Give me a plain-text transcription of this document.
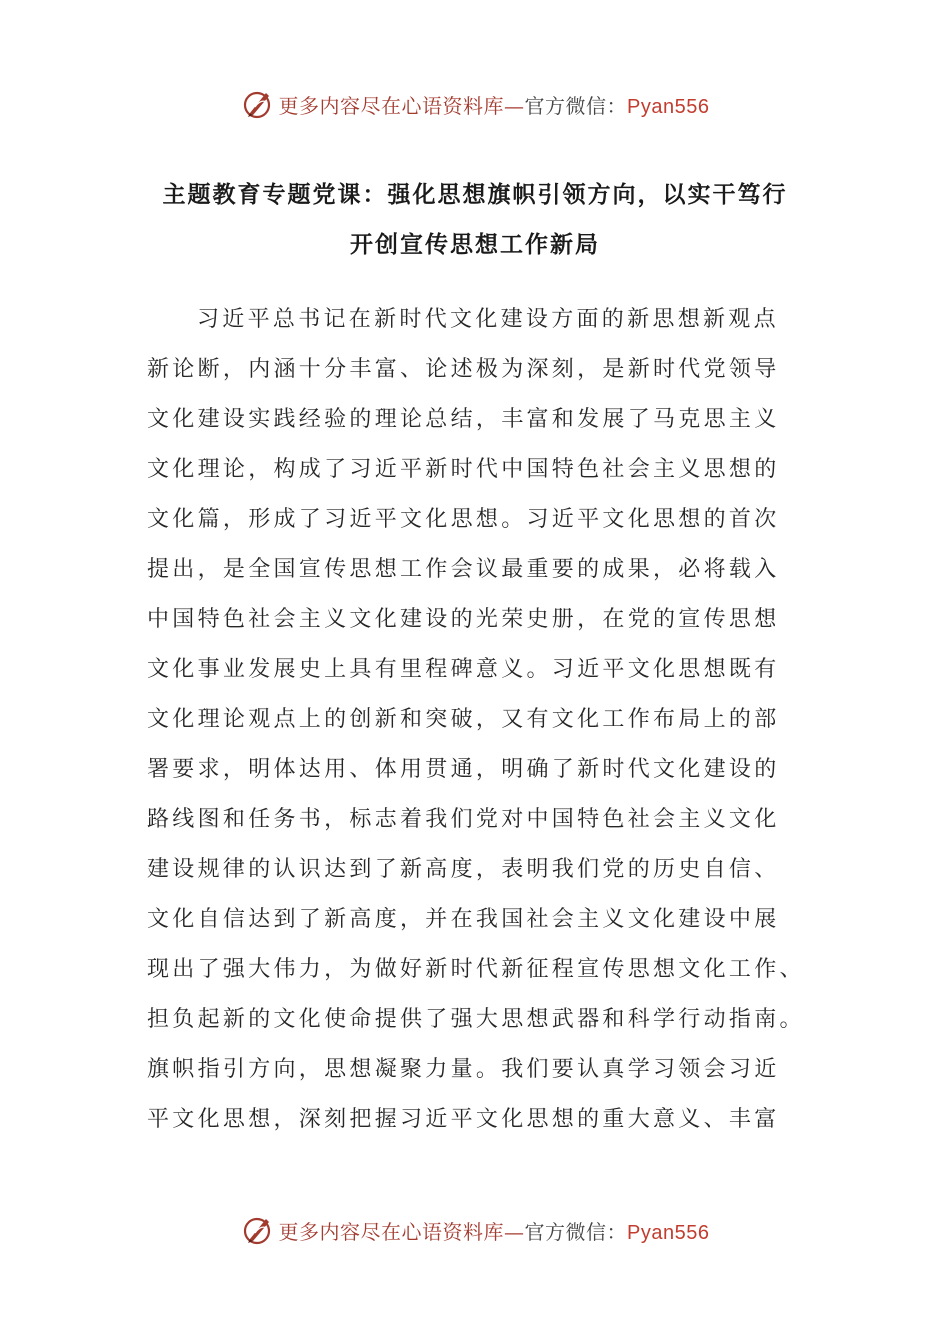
更多内容尽在心语资料库—官方微信：Pyan556
主题教育专题党课：强化思想旗帜引领方向，以实干笃行
开创宣传思想工作新局
习近平总书记在新时代文化建设方面的新思想新观点
新论断，内涵十分丰富、论述极为深刻，是新时代党领导
文化建设实践经验的理论总结，丰富和发展了马克思主义
文化理论，构成了习近平新时代中国特色社会主义思想的
文化篇，形成了习近平文化思想。习近平文化思想的首次
提出，是全国宣传思想工作会议最重要的成果，必将载入
中国特色社会主义文化建设的光荣史册，在党的宣传思想
文化事业发展史上具有里程碑意义。习近平文化思想既有
文化理论观点上的创新和突破，又有文化工作布局上的部
署要求，明体达用、体用贯通，明确了新时代文化建设的
路线图和任务书，标志着我们党对中国特色社会主义文化
建设规律的认识达到了新高度，表明我们党的历史自信、
文化自信达到了新高度，并在我国社会主义文化建设中展
现出了强大伟力，为做好新时代新征程宣传思想文化工作、
担负起新的文化使命提供了强大思想武器和科学行动指南。
旗帜指引方向，思想凝聚力量。我们要认真学习领会习近
平文化思想，深刻把握习近平文化思想的重大意义、丰富
更多内容尽在心语资料库—官方微信：Pyan556
